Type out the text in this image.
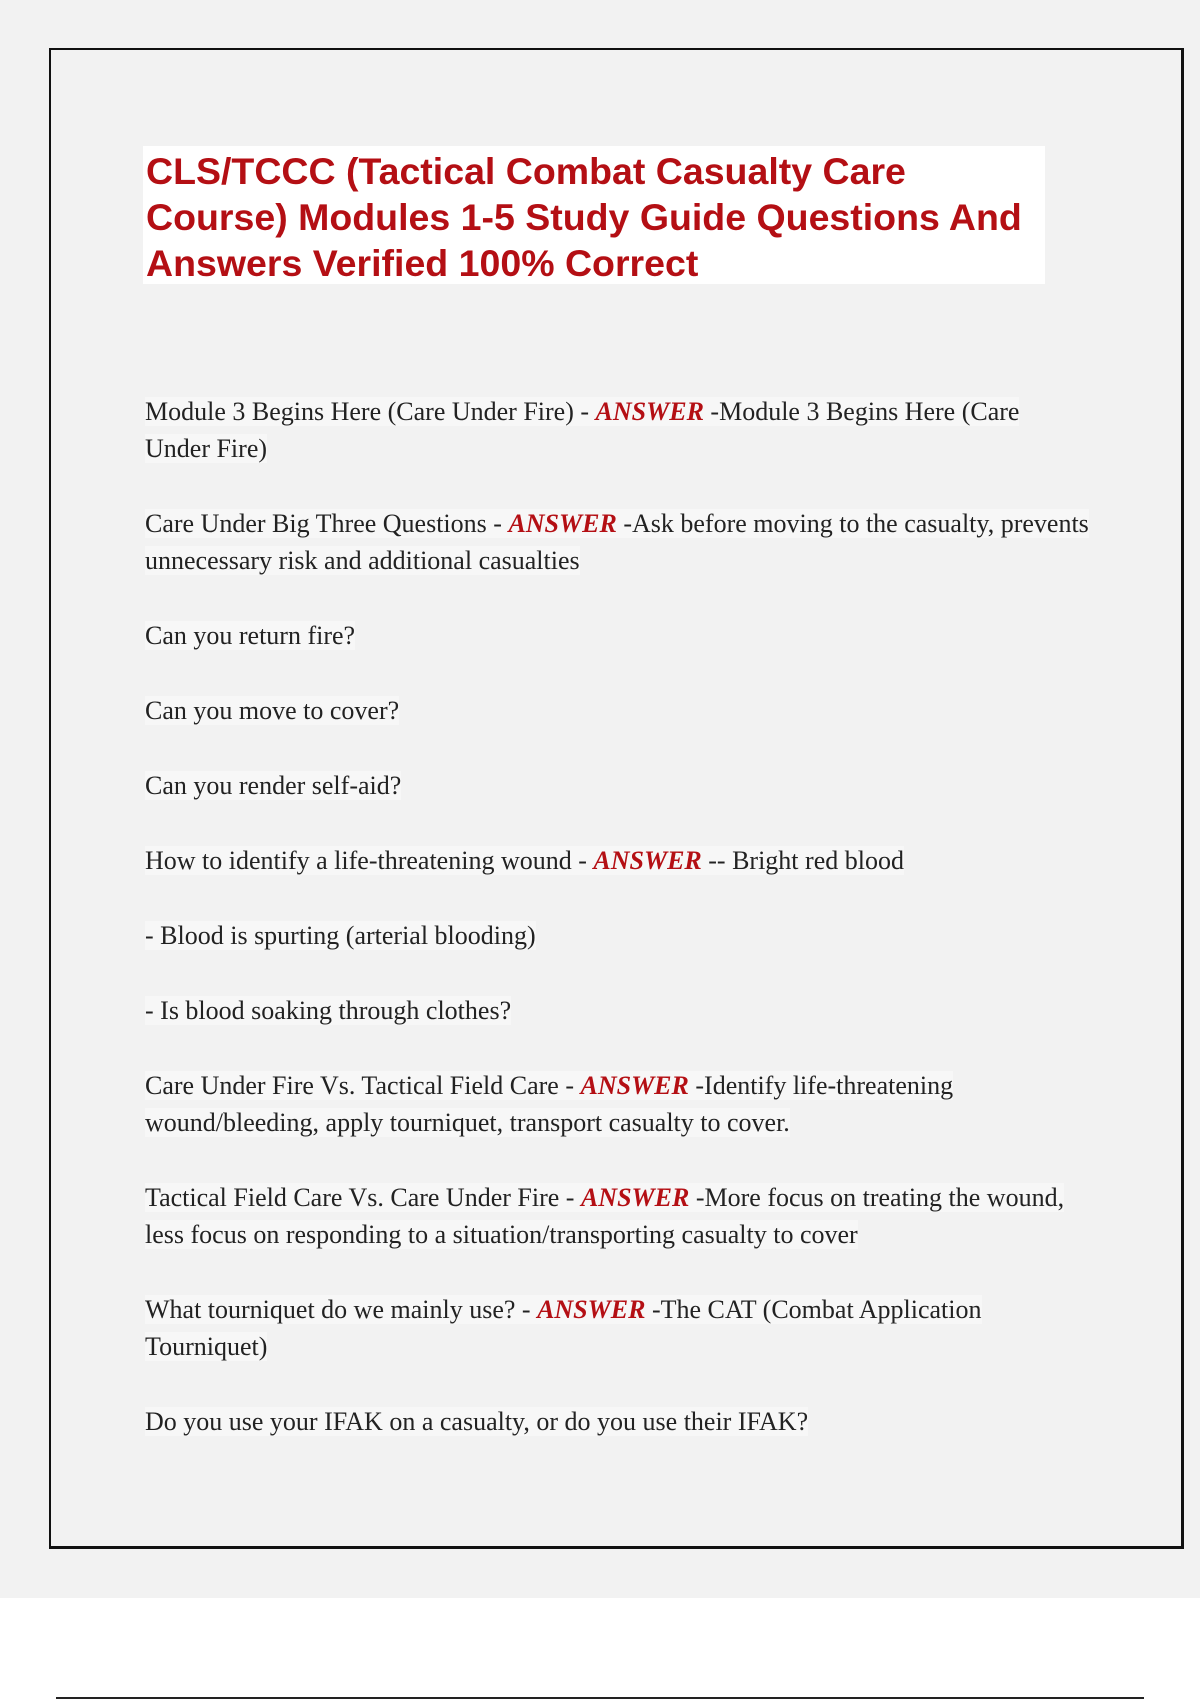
CLS/TCCC (Tactical Combat Casualty Care Course) Modules 1-5 Study Guide Questions And Answers Verified 100% Correct

Module 3 Begins Here (Care Under Fire) - ANSWER -Module 3 Begins Here (Care Under Fire)

Care Under Big Three Questions - ANSWER -Ask before moving to the casualty, prevents unnecessary risk and additional casualties

Can you return fire?

Can you move to cover?

Can you render self-aid?

How to identify a life-threatening wound - ANSWER -- Bright red blood

- Blood is spurting (arterial blooding)

- Is blood soaking through clothes?

Care Under Fire Vs. Tactical Field Care - ANSWER -Identify life-threatening wound/bleeding, apply tourniquet, transport casualty to cover.

Tactical Field Care Vs. Care Under Fire - ANSWER -More focus on treating the wound, less focus on responding to a situation/transporting casualty to cover

What tourniquet do we mainly use? - ANSWER -The CAT (Combat Application Tourniquet)

Do you use your IFAK on a casualty, or do you use their IFAK?
